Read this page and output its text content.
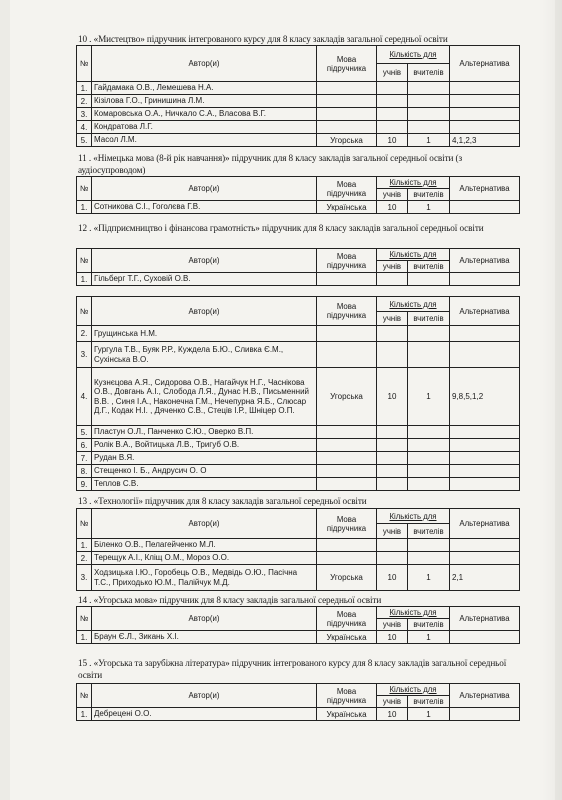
10 . «Мистецтво» підручник інтегрованого курсу для 8 класу закладів загальної середньої освіти
№	Автор(и)	Мова підручника	Кількість для		Альтернатива
			учнів	вчителів	
1.	Гайдамака О.В., Лемешева Н.А.				
2.	Кізілова Г.О., Гринишина Л.М.				
3.	Комаровська О.А., Ничкало С.А., Власова В.Г.				
4.	Кондратова Л.Г.				
5.	Масол Л.М.	Угорська	10	1	4,1,2,3
11 . «Німецька мова (8-й рік навчання)» підручник для 8 класу закладів загальної середньої освіти (з аудіосупроводом)
№	Автор(и)	Мова підручника	Кількість для		Альтернатива
			учнів	вчителів	
1.	Сотникова С.І., Гоголєва Г.В.	Українська	10	1	
12 . «Підприємництво і фінансова грамотність» підручник для 8 класу закладів загальної середньої освіти
№	Автор(и)	Мова підручника	Кількість для		Альтернатива
			учнів	вчителів	
1.	Гільберг Т.Г., Суховій О.В.				
№	Автор(и)	Мова підручника	Кількість для		Альтернатива
			учнів	вчителів	
2.	Грущинська Н.М.				
3.	Гургула Т.В., Буяк Р.Р., Кужделa Б.Ю., Сливка Є.М., Сухінська В.О.				
4.	Кузнєцова А.Я., Сидорова О.В., Нагайчук Н.Г., Часнікова О.В., Довгань А.І., Слобода Л.Я., Дунас Н.В., Письменний В.В. , Синя І.А., Наконечна Г.М., Нечепурна Я.Б., Слюсар Д.Г., Кодак Н.І. , Дяченко С.В., Стецiв І.Р., Шніцер О.П.	Угорська	10	1	9,8,5,1,2
5.	Пластун О.Л., Панченко С.Ю., Оверко В.П.				
6.	Ролік В.А., Войтицька Л.В., Тригуб О.В.				
7.	Рудан В.Я.				
8.	Стещенко І. Б., Андрусич О. О				
9.	Теплов С.В.				
13 . «Технології» підручник для 8 класу закладів загальної середньої освіти
№	Автор(и)	Мова підручника	Кількість для		Альтернатива
			учнів	вчителів	
1.	Біленко О.В., Пелагейченко М.Л.				
2.	Терещук А.І., Кліщ О.М., Мороз О.О.				
3.	Ходзицька І.Ю., Горобець О.В., Медвідь О.Ю., Пасічна Т.С., Приходько Ю.М., Палійчук М.Д.	Угорська	10	1	2,1
14 . «Угорська мова» підручник для 8 класу закладів загальної середньої освіти
№	Автор(и)	Мова підручника	Кількість для		Альтернатива
			учнів	вчителів	
1.	Браун Є.Л., Зикань Х.І.	Українська	10	1	
15 . «Угорська та зарубіжна література» підручник інтегрованого курсу для 8 класу закладів загальної середньої освіти
№	Автор(и)	Мова підручника	Кількість для		Альтернатива
			учнів	вчителів	
1.	Дебрецені О.О.	Українська	10	1	
